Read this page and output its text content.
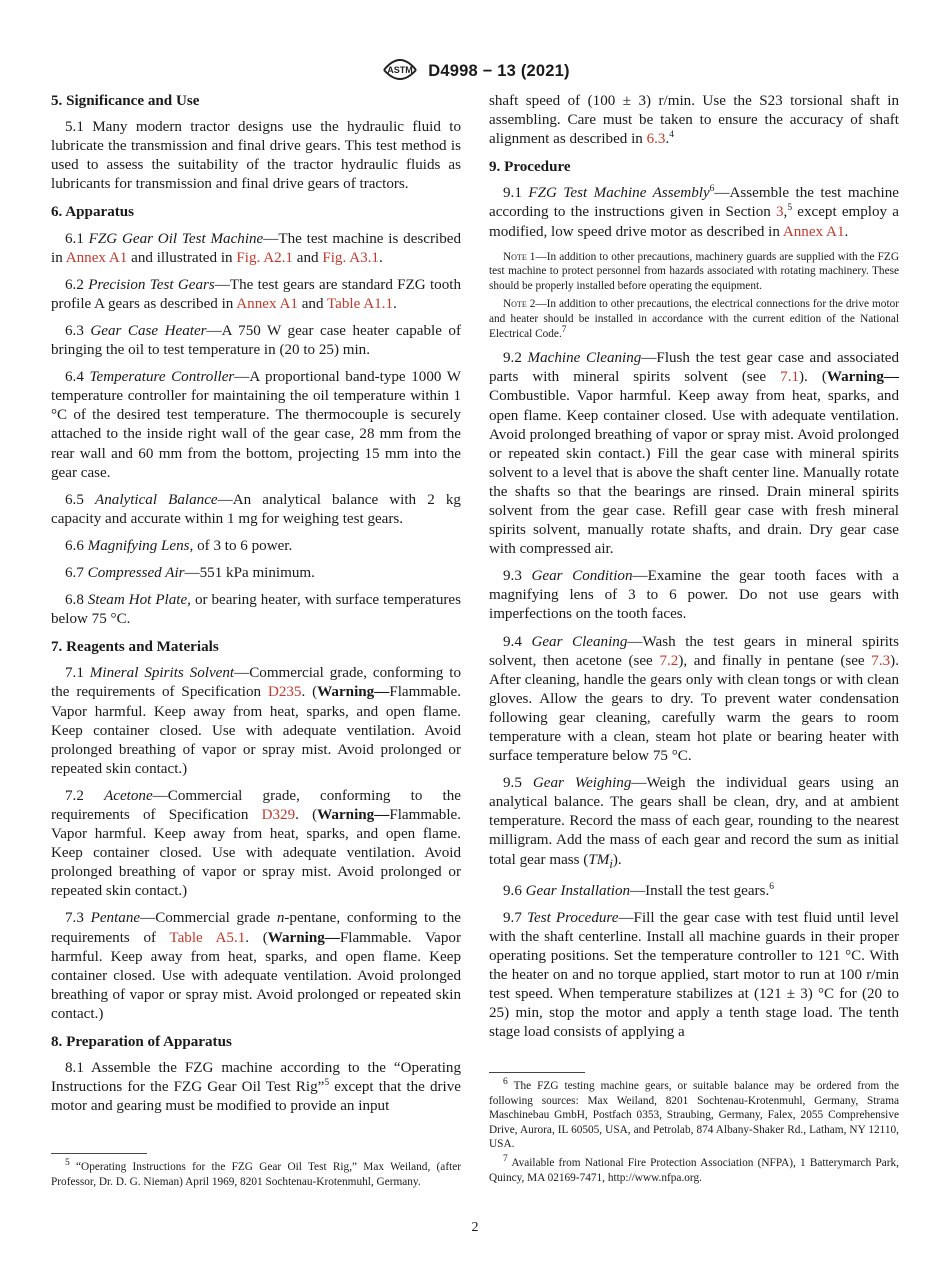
ASTM D4998 − 13 (2021)
5. Significance and Use

5.1 Many modern tractor designs use the hydraulic fluid to lubricate the transmission and final drive gears. This test method is used to assess the suitability of the tractor hydraulic fluids as lubricants for transmission and final drive gears of tractors.

6. Apparatus

6.1 FZG Gear Oil Test Machine—The test machine is described in Annex A1 and illustrated in Fig. A2.1 and Fig. A3.1.

6.2 Precision Test Gears—The test gears are standard FZG tooth profile A gears as described in Annex A1 and Table A1.1.

6.3 Gear Case Heater—A 750 W gear case heater capable of bringing the oil to test temperature in (20 to 25) min.

6.4 Temperature Controller—A proportional band-type 1000 W temperature controller for maintaining the oil temperature within 1 °C of the desired test temperature. The thermocouple is securely attached to the inside right wall of the gear case, 28 mm from the rear wall and 60 mm from the bottom, projecting 15 mm into the gear case.

6.5 Analytical Balance—An analytical balance with 2 kg capacity and accurate within 1 mg for weighing test gears.

6.6 Magnifying Lens, of 3 to 6 power.

6.7 Compressed Air—551 kPa minimum.

6.8 Steam Hot Plate, or bearing heater, with surface temperatures below 75 °C.

7. Reagents and Materials

7.1 Mineral Spirits Solvent—Commercial grade, conforming to the requirements of Specification D235. (Warning—Flammable. Vapor harmful. Keep away from heat, sparks, and open flame. Keep container closed. Use with adequate ventilation. Avoid prolonged breathing of vapor or spray mist. Avoid prolonged or repeated skin contact.)

7.2 Acetone—Commercial grade, conforming to the requirements of Specification D329. (Warning—Flammable. Vapor harmful. Keep away from heat, sparks, and open flame. Keep container closed. Use with adequate ventilation. Avoid prolonged breathing of vapor or spray mist. Avoid prolonged or repeated skin contact.)

7.3 Pentane—Commercial grade n-pentane, conforming to the requirements of Table A5.1. (Warning—Flammable. Vapor harmful. Keep away from heat, sparks, and open flame. Keep container closed. Use with adequate ventilation. Avoid prolonged breathing of vapor or spray mist. Avoid prolonged or repeated skin contact.)

8. Preparation of Apparatus

8.1 Assemble the FZG machine according to the “Operating Instructions for the FZG Gear Oil Test Rig”$^5$ except that the drive motor and gearing must be modified to provide an input

$^5$ “Operating Instructions for the FZG Gear Oil Test Rig,” Max Weiland, (after Professor, Dr. D. G. Nieman) April 1969, 8201 Sochtenau-Krotenmuhl, Germany.

shaft speed of (100 ± 3) r/min. Use the S23 torsional shaft in assembling. Care must be taken to ensure the accuracy of shaft alignment as described in 6.3.$^4$

9. Procedure

9.1 FZG Test Machine Assembly$^6$—Assemble the test machine according to the instructions given in Section 3,$^5$ except employ a modified, low speed drive motor as described in Annex A1.

Note 1—In addition to other precautions, machinery guards are supplied with the FZG test machine to protect personnel from hazards associated with rotating machinery. These should be properly installed before operating the equipment.

Note 2—In addition to other precautions, the electrical connections for the drive motor and heater should be installed in accordance with the current edition of the National Electrical Code.$^7$

9.2 Machine Cleaning—Flush the test gear case and associated parts with mineral spirits solvent (see 7.1). (Warning—Combustible. Vapor harmful. Keep away from heat, sparks, and open flame. Keep container closed. Use with adequate ventilation. Avoid prolonged breathing of vapor or spray mist. Avoid prolonged or repeated skin contact.) Fill the gear case with mineral spirits solvent to a level that is above the shaft center line. Manually rotate the shafts so that the bearings are rinsed. Drain mineral spirits solvent from the gear case. Refill gear case with fresh mineral spirits solvent, manually rotate shafts, and drain. Dry gear case with compressed air.

9.3 Gear Condition—Examine the gear tooth faces with a magnifying lens of 3 to 6 power. Do not use gears with imperfections on the tooth faces.

9.4 Gear Cleaning—Wash the test gears in mineral spirits solvent, then acetone (see 7.2), and finally in pentane (see 7.3). After cleaning, handle the gears only with clean tongs or with clean gloves. Allow the gears to dry. To prevent water condensation following gear cleaning, carefully warm the gears to room temperature with a clean, steam hot plate or bearing heater with surface temperature below 75 °C.

9.5 Gear Weighing—Weigh the individual gears using an analytical balance. The gears shall be clean, dry, and at ambient temperature. Record the mass of each gear, rounding to the nearest milligram. Add the mass of each gear and record the sum as initial total gear mass $(TM_i)$.

9.6 Gear Installation—Install the test gears.$^6$

9.7 Test Procedure—Fill the gear case with test fluid until level with the shaft centerline. Install all machine guards in their proper operating positions. Set the temperature controller to 121 °C. With the heater on and no torque applied, start motor to run at 100 r/min test speed. When temperature stabilizes at (121 ± 3) °C for (20 to 25) min, stop the motor and apply a tenth stage load. The tenth stage load consists of applying a

$^6$ The FZG testing machine gears, or suitable balance may be ordered from the following sources: Max Weiland, 8201 Sochtenau-Krotenmuhl, Germany, Strama Maschinebau GmbH, Postfach 0353, Straubing, Germany, Falex, 2055 Comprehensive Drive, Aurora, IL 60505, USA, and Petrolab, 874 Albany-Shaker Rd., Latham, NY 12110, USA.

$^7$ Available from National Fire Protection Association (NFPA), 1 Batterymarch Park, Quincy, MA 02169-7471, http://www.nfpa.org.

2
